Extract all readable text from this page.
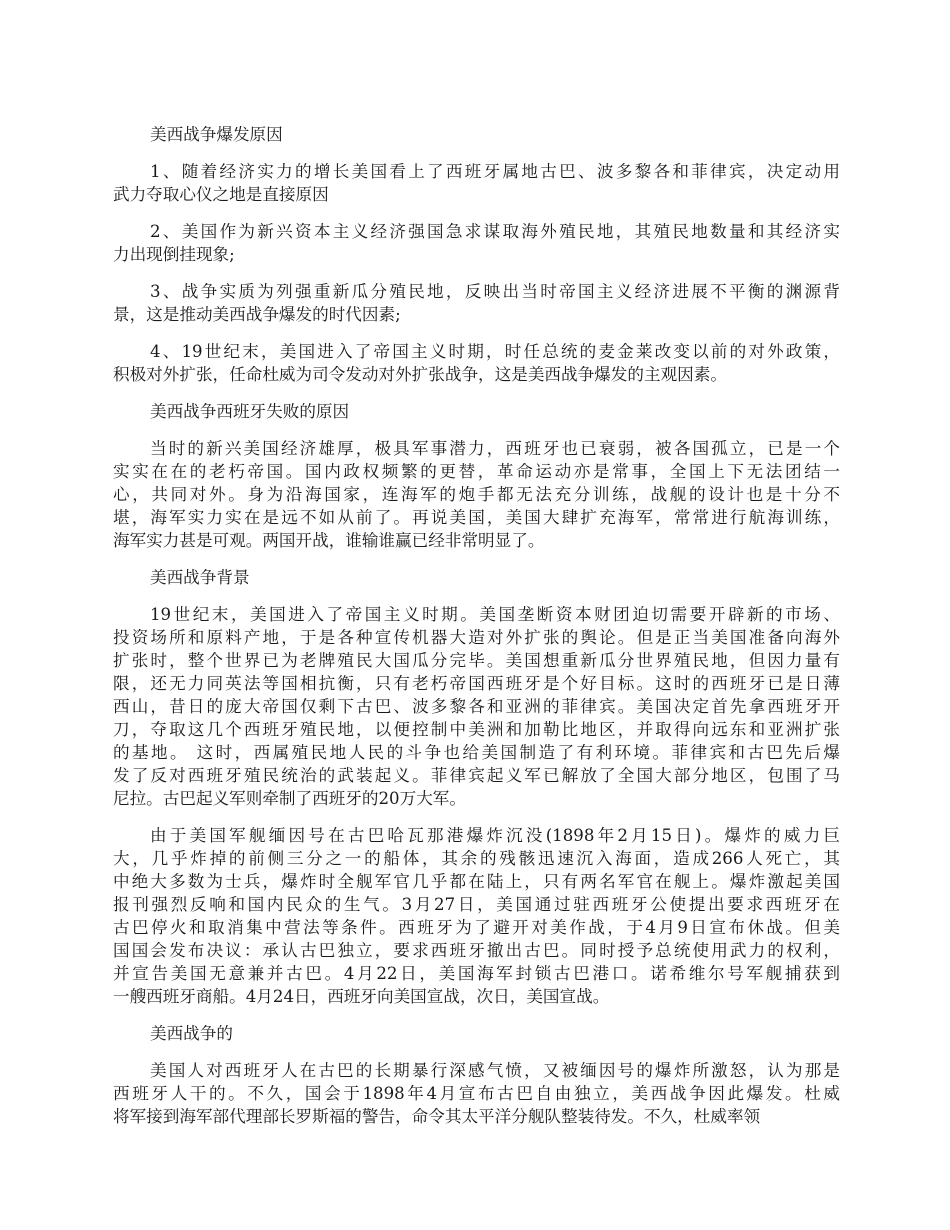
美西战争爆发原因

1、随着经济实力的增长美国看上了西班牙属地古巴、波多黎各和菲律宾，决定动用

武力夺取心仪之地是直接原因

2、美国作为新兴资本主义经济强国急求谋取海外殖民地，其殖民地数量和其经济实

力出现倒挂现象;

3、战争实质为列强重新瓜分殖民地，反映出当时帝国主义经济进展不平衡的渊源背

景，这是推动美西战争爆发的时代因素;

4、19世纪末，美国进入了帝国主义时期，时任总统的麦金莱改变以前的对外政策，

积极对外扩张，任命杜威为司令发动对外扩张战争，这是美西战争爆发的主观因素。

美西战争西班牙失败的原因

当时的新兴美国经济雄厚，极具军事潜力，西班牙也已衰弱，被各国孤立，已是一个

实实在在的老朽帝国。国内政权频繁的更替，革命运动亦是常事，全国上下无法团结一

心，共同对外。身为沿海国家，连海军的炮手都无法充分训练，战舰的设计也是十分不

堪，海军实力实在是远不如从前了。再说美国，美国大肆扩充海军，常常进行航海训练，

海军实力甚是可观。两国开战，谁输谁赢已经非常明显了。

美西战争背景

19世纪末，美国进入了帝国主义时期。美国垄断资本财团迫切需要开辟新的市场、

投资场所和原料产地，于是各种宣传机器大造对外扩张的舆论。但是正当美国准备向海外

扩张时，整个世界已为老牌殖民大国瓜分完毕。美国想重新瓜分世界殖民地，但因力量有

限，还无力同英法等国相抗衡，只有老朽帝国西班牙是个好目标。这时的西班牙已是日薄

西山，昔日的庞大帝国仅剩下古巴、波多黎各和亚洲的菲律宾。美国决定首先拿西班牙开

刀，夺取这几个西班牙殖民地，以便控制中美洲和加勒比地区，并取得向远东和亚洲扩张

的基地。 这时，西属殖民地人民的斗争也给美国制造了有利环境。菲律宾和古巴先后爆

发了反对西班牙殖民统治的武装起义。菲律宾起义军已解放了全国大部分地区，包围了马

尼拉。古巴起义军则牵制了西班牙的20万大军。

由于美国军舰缅因号在古巴哈瓦那港爆炸沉没(1898年2月15日)。爆炸的威力巨

大，几乎炸掉的前侧三分之一的船体，其余的残骸迅速沉入海面，造成266人死亡，其

中绝大多数为士兵，爆炸时全舰军官几乎都在陆上，只有两名军官在舰上。爆炸激起美国

报刊强烈反响和国内民众的生气。3月27日，美国通过驻西班牙公使提出要求西班牙在

古巴停火和取消集中营法等条件。西班牙为了避开对美作战，于4月9日宣布休战。但美

国国会发布决议：承认古巴独立，要求西班牙撤出古巴。同时授予总统使用武力的权利，

并宣告美国无意兼并古巴。4月22日，美国海军封锁古巴港口。诺希维尔号军舰捕获到

一艘西班牙商船。4月24日，西班牙向美国宣战，次日，美国宣战。

美西战争的

美国人对西班牙人在古巴的长期暴行深感气愤，又被缅因号的爆炸所激怒，认为那是

西班牙人干的。不久，国会于1898年4月宣布古巴自由独立，美西战争因此爆发。杜威

将军接到海军部代理部长罗斯福的警告，命令其太平洋分舰队整装待发。不久，杜威率领
